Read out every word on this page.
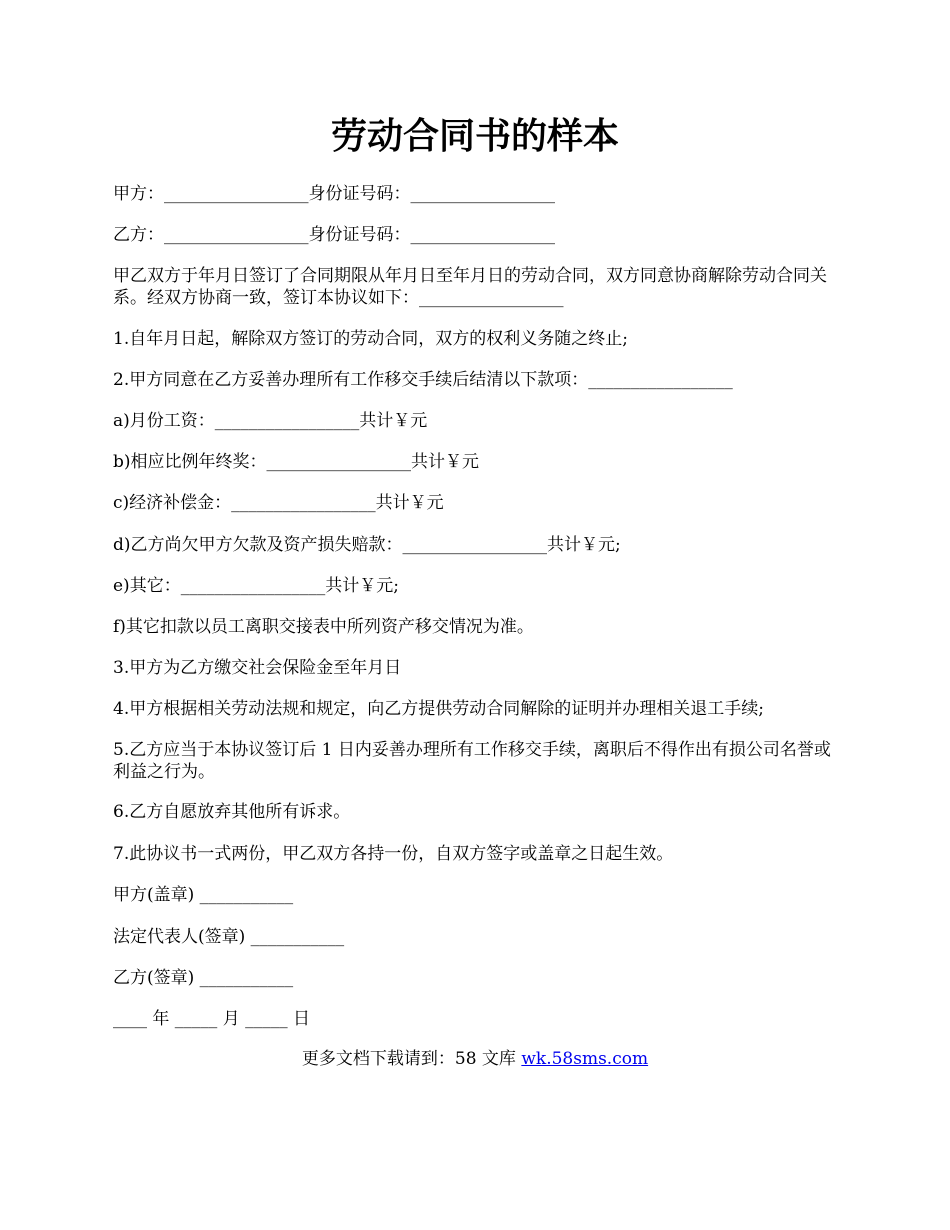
劳动合同书的样本

甲方：_________________身份证号码：_________________

乙方：_________________身份证号码：_________________

甲乙双方于年月日签订了合同期限从年月日至年月日的劳动合同，双方同意协商解除劳动合同关系。经双方协商一致，签订本协议如下：_________________

1.自年月日起，解除双方签订的劳动合同，双方的权利义务随之终止;

2.甲方同意在乙方妥善办理所有工作移交手续后结清以下款项：_________________

a)月份工资：_________________共计￥元

b)相应比例年终奖：_________________共计￥元

c)经济补偿金：_________________共计￥元

d)乙方尚欠甲方欠款及资产损失赔款：_________________共计￥元;

e)其它：_________________共计￥元;

f)其它扣款以员工离职交接表中所列资产移交情况为准。

3.甲方为乙方缴交社会保险金至年月日

4.甲方根据相关劳动法规和规定，向乙方提供劳动合同解除的证明并办理相关退工手续;

5.乙方应当于本协议签订后 1 日内妥善办理所有工作移交手续，离职后不得作出有损公司名誉或利益之行为。

6.乙方自愿放弃其他所有诉求。

7.此协议书一式两份，甲乙双方各持一份，自双方签字或盖章之日起生效。

甲方(盖章) ___________

法定代表人(签章) ___________

乙方(签章) ___________

____ 年 _____ 月 _____ 日

更多文档下载请到：58 文库 wk.58sms.com
